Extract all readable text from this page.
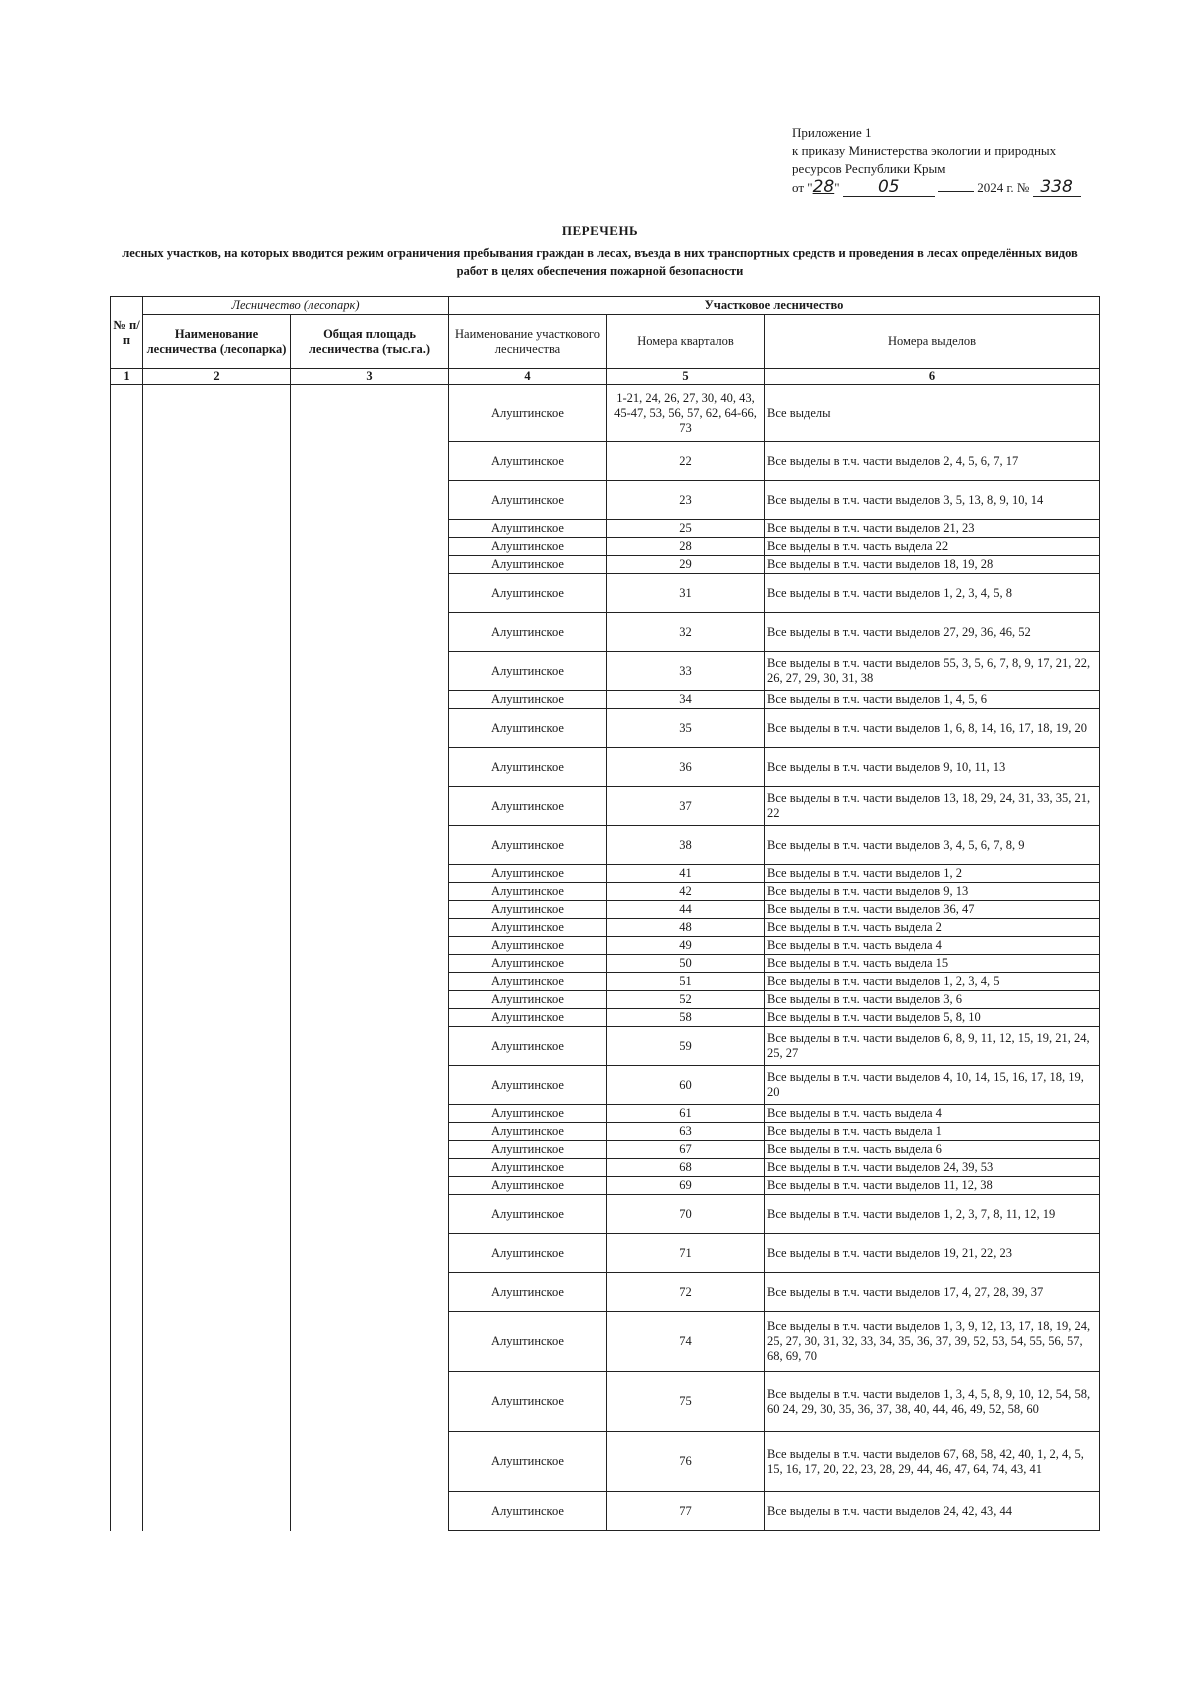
Приложение 1
к приказу Министерства экологии и природных
ресурсов Республики Крым
от "28" 05	2024 г. № 338
ПЕРЕЧЕНЬ
лесных участков, на которых вводится режим ограничения пребывания граждан в лесах, въезда в них транспортных средств и проведения в лесах определённых видов работ в целях обеспечения пожарной безопасности
№ п/п	Лесничество (лесопарк)		Участковое лесничество		
	Наименование лесничества (лесопарка)	Общая площадь лесничества (тыс.га.)	Наименование участкового лесничества	Номера кварталов	Номера выделов
1	2	3	4	5	6
			Алуштинское	1-21, 24, 26, 27, 30, 40, 43, 45-47, 53, 56, 57, 62, 64-66, 73	Все выделы
			Алуштинское	22	Все выделы в т.ч. части выделов 2, 4, 5, 6, 7, 17
			Алуштинское	23	Все выделы в т.ч. части выделов 3, 5, 13, 8, 9, 10, 14
			Алуштинское	25	Все выделы в т.ч. части выделов 21, 23
			Алуштинское	28	Все выделы в т.ч. часть выдела 22
			Алуштинское	29	Все выделы в т.ч. части выделов 18, 19, 28
			Алуштинское	31	Все выделы в т.ч. части выделов 1, 2, 3, 4, 5, 8
			Алуштинское	32	Все выделы в т.ч. части выделов 27, 29, 36, 46, 52
			Алуштинское	33	Все выделы в т.ч. части выделов 55, 3, 5, 6, 7, 8, 9, 17, 21, 22, 26, 27, 29, 30, 31, 38
			Алуштинское	34	Все выделы в т.ч. части выделов 1, 4, 5, 6
			Алуштинское	35	Все выделы в т.ч. части выделов 1, 6, 8, 14, 16, 17, 18, 19, 20
			Алуштинское	36	Все выделы в т.ч. части выделов 9, 10, 11, 13
			Алуштинское	37	Все выделы в т.ч. части выделов 13, 18, 29, 24, 31, 33, 35, 21, 22
			Алуштинское	38	Все выделы в т.ч. части выделов 3, 4, 5, 6, 7, 8, 9
			Алуштинское	41	Все выделы в т.ч. части выделов 1, 2
			Алуштинское	42	Все выделы в т.ч. части выделов 9, 13
			Алуштинское	44	Все выделы в т.ч. части выделов 36, 47
			Алуштинское	48	Все выделы в т.ч. часть выдела 2
			Алуштинское	49	Все выделы в т.ч. часть выдела 4
			Алуштинское	50	Все выделы в т.ч. часть выдела 15
			Алуштинское	51	Все выделы в т.ч. части выделов 1, 2, 3, 4, 5
			Алуштинское	52	Все выделы в т.ч. части выделов 3, 6
			Алуштинское	58	Все выделы в т.ч. части выделов 5, 8, 10
			Алуштинское	59	Все выделы в т.ч. части выделов 6, 8, 9, 11, 12, 15, 19, 21, 24, 25, 27
			Алуштинское	60	Все выделы в т.ч. части выделов 4, 10, 14, 15, 16, 17, 18, 19, 20
			Алуштинское	61	Все выделы в т.ч. часть выдела 4
			Алуштинское	63	Все выделы в т.ч. часть выдела 1
			Алуштинское	67	Все выделы в т.ч. часть выдела 6
			Алуштинское	68	Все выделы в т.ч. части выделов 24, 39, 53
			Алуштинское	69	Все выделы в т.ч. части выделов 11, 12, 38
			Алуштинское	70	Все выделы в т.ч. части выделов 1, 2, 3, 7, 8, 11, 12, 19
			Алуштинское	71	Все выделы в т.ч. части выделов 19, 21, 22, 23
			Алуштинское	72	Все выделы в т.ч. части выделов 17, 4, 27, 28, 39, 37
			Алуштинское	74	Все выделы в т.ч. части выделов 1, 3, 9, 12, 13, 17, 18, 19, 24, 25, 27, 30, 31, 32, 33, 34, 35, 36, 37, 39, 52, 53, 54, 55, 56, 57, 68, 69, 70
			Алуштинское	75	Все выделы в т.ч. части выделов 1, 3, 4, 5, 8, 9, 10, 12, 54, 58, 60 24, 29, 30, 35, 36, 37, 38, 40, 44, 46, 49, 52, 58, 60
			Алуштинское	76	Все выделы в т.ч. части выделов 67, 68, 58, 42, 40, 1, 2, 4, 5, 15, 16, 17, 20, 22, 23, 28, 29, 44, 46, 47, 64, 74, 43, 41
			Алуштинское	77	Все выделы в т.ч. части выделов 24, 42, 43, 44
